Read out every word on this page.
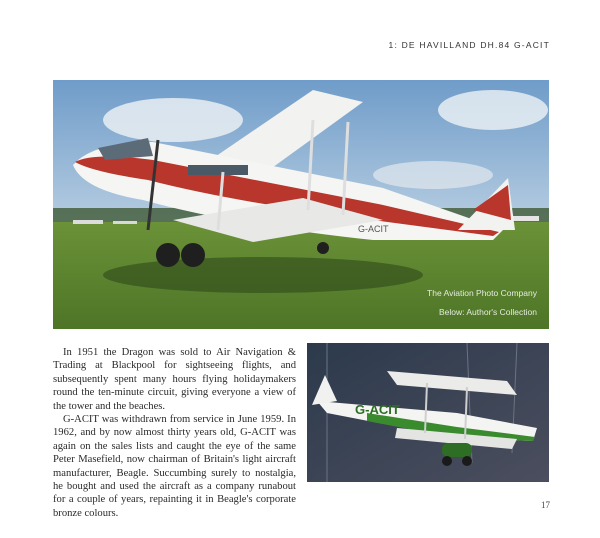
1: DE HAVILLAND DH.84 G-ACIT
G-ACIT
The Aviation Photo Company
Below: Author's Collection

In 1951 the Dragon was sold to Air Navigation & Trading at Blackpool for sightseeing flights, and subsequently spent many hours flying holidaymakers round the ten-minute circuit, giving everyone a view of the tower and the beaches.

G-ACIT was withdrawn from service in June 1959. In 1962, and by now almost thirty years old, G-ACIT was again on the sales lists and caught the eye of the same Peter Masefield, now chairman of Britain's light aircraft manufacturer, Beagle. Succumbing surely to nostalgia, he bought and used the aircraft as a company runabout for a couple of years, repainting it in Beagle's corporate bronze colours.

G-ACIT
17
